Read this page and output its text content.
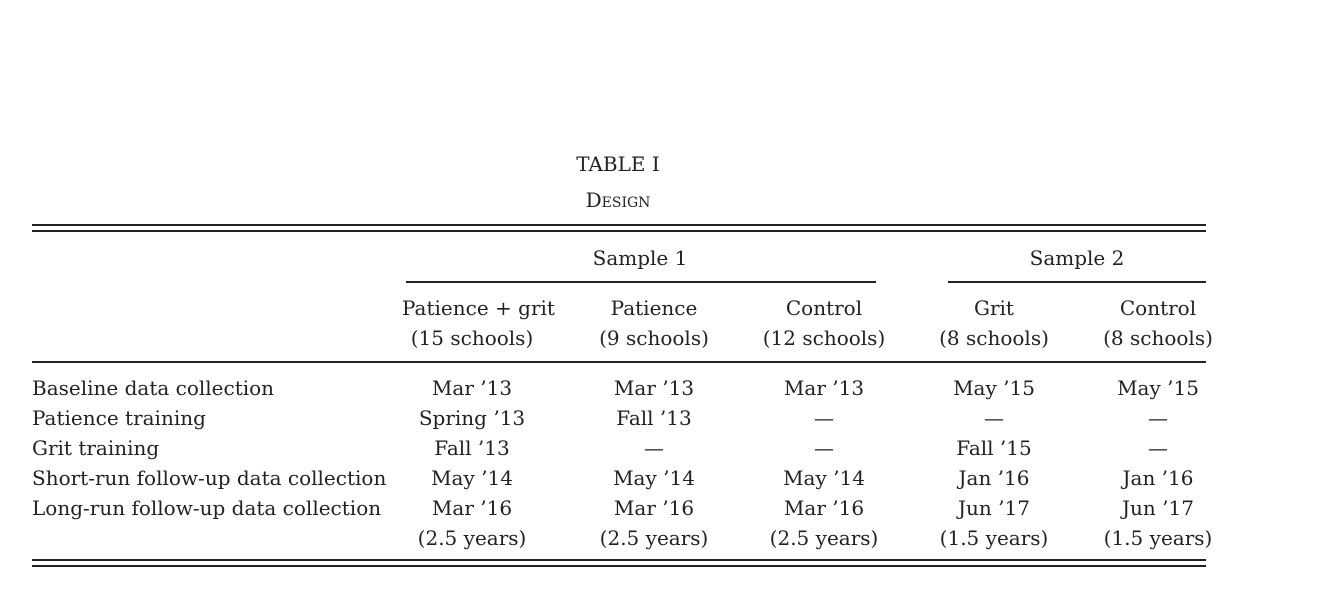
TABLE I
Design
Sample 1	Sample 2
Patience + grit	Patience	Control	Grit	Control
(15 schools)	(9 schools)	(12 schools)	(8 schools)	(8 schools)
Baseline data collection	Mar ’13	Mar ’13	Mar ’13	May ’15	May ’15
Patience training	Spring ’13	Fall ’13	—	—	—
Grit training	Fall ’13	—	—	Fall ’15	—
Short-run follow-up data collection	May ’14	May ’14	May ’14	Jan ’16	Jan ’16
Long-run follow-up data collection	Mar ’16	Mar ’16	Mar ’16	Jun ’17	Jun ’17
(2.5 years)	(2.5 years)	(2.5 years)	(1.5 years)	(1.5 years)
